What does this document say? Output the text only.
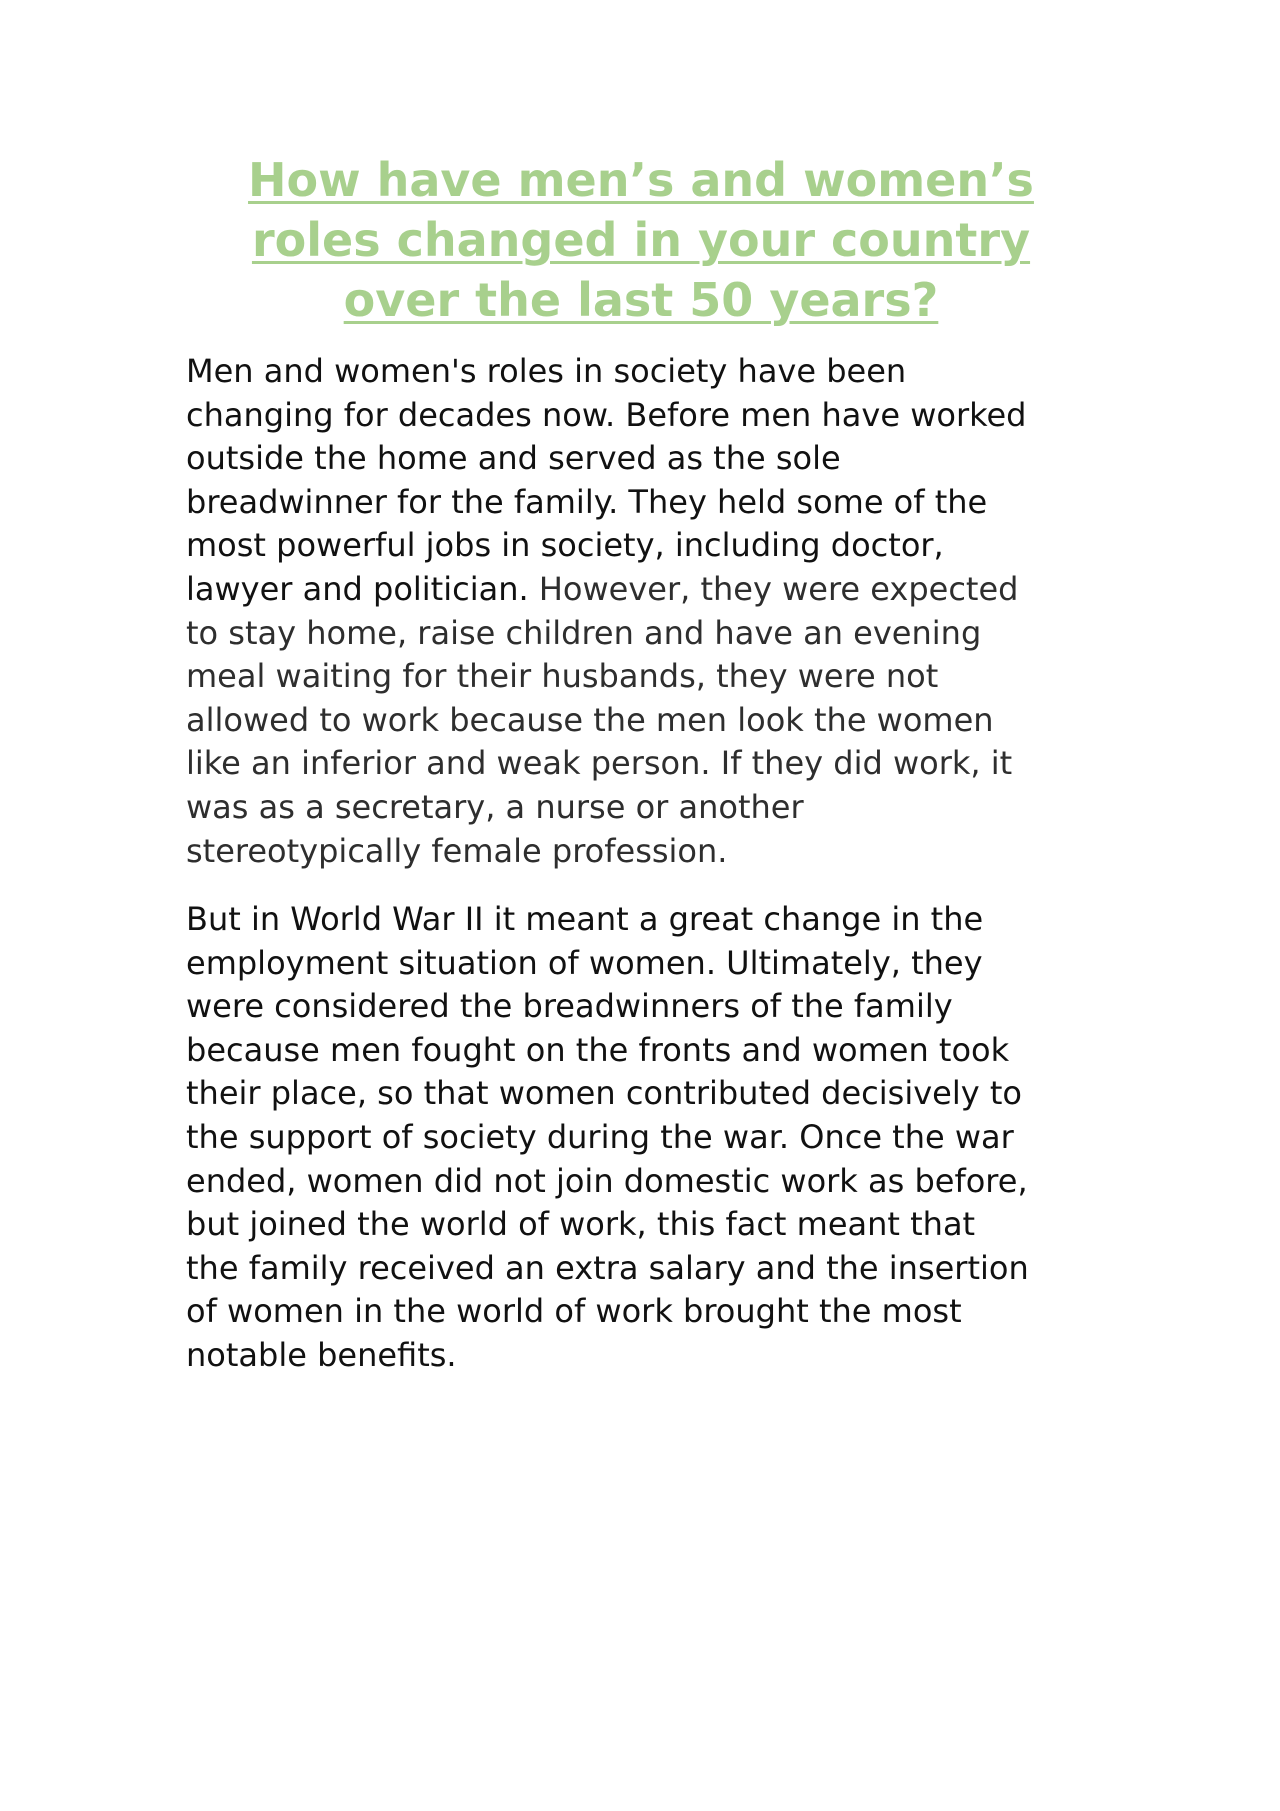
How have men’s and women’s
roles changed in your country
over the last 50 years?

Men and women's roles in society have been
changing for decades now. Before men have worked
outside the home and served as the sole
breadwinner for the family. They held some of the
most powerful jobs in society, including doctor,
lawyer and politician. However, they were expected
to stay home, raise children and have an evening
meal waiting for their husbands, they were not
allowed to work because the men look the women
like an inferior and weak person. If they did work, it
was as a secretary, a nurse or another
stereotypically female profession.

But in World War II it meant a great change in the
employment situation of women. Ultimately, they
were considered the breadwinners of the family
because men fought on the fronts and women took
their place, so that women contributed decisively to
the support of society during the war. Once the war
ended, women did not join domestic work as before,
but joined the world of work, this fact meant that
the family received an extra salary and the insertion
of women in the world of work brought the most
notable benefits.
